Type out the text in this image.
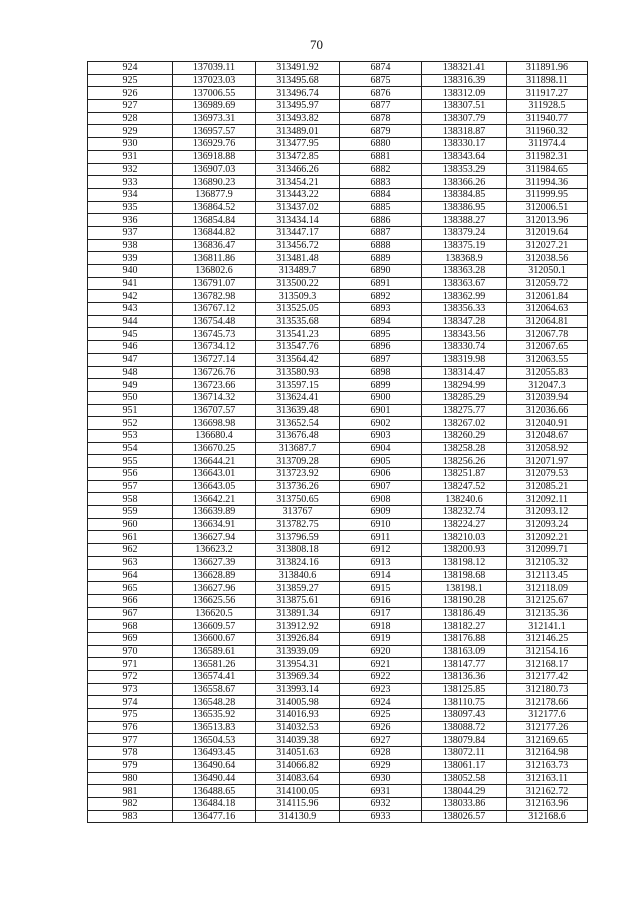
70
924	137039.11	313491.92	6874	138321.41	311891.96
925	137023.03	313495.68	6875	138316.39	311898.11
926	137006.55	313496.74	6876	138312.09	311917.27
927	136989.69	313495.97	6877	138307.51	311928.5
928	136973.31	313493.82	6878	138307.79	311940.77
929	136957.57	313489.01	6879	138318.87	311960.32
930	136929.76	313477.95	6880	138330.17	311974.4
931	136918.88	313472.85	6881	138343.64	311982.31
932	136907.03	313466.26	6882	138353.29	311984.65
933	136890.23	313454.21	6883	138366.26	311994.36
934	136877.9	313443.22	6884	138384.85	311999.95
935	136864.52	313437.02	6885	138386.95	312006.51
936	136854.84	313434.14	6886	138388.27	312013.96
937	136844.82	313447.17	6887	138379.24	312019.64
938	136836.47	313456.72	6888	138375.19	312027.21
939	136811.86	313481.48	6889	138368.9	312038.56
940	136802.6	313489.7	6890	138363.28	312050.1
941	136791.07	313500.22	6891	138363.67	312059.72
942	136782.98	313509.3	6892	138362.99	312061.84
943	136767.12	313525.05	6893	138356.33	312064.63
944	136754.48	313535.68	6894	138347.28	312064.81
945	136745.73	313541.23	6895	138343.56	312067.78
946	136734.12	313547.76	6896	138330.74	312067.65
947	136727.14	313564.42	6897	138319.98	312063.55
948	136726.76	313580.93	6898	138314.47	312055.83
949	136723.66	313597.15	6899	138294.99	312047.3
950	136714.32	313624.41	6900	138285.29	312039.94
951	136707.57	313639.48	6901	138275.77	312036.66
952	136698.98	313652.54	6902	138267.02	312040.91
953	136680.4	313676.48	6903	138260.29	312048.67
954	136670.25	313687.7	6904	138258.28	312058.92
955	136644.21	313709.28	6905	138256.26	312071.97
956	136643.01	313723.92	6906	138251.87	312079.53
957	136643.05	313736.26	6907	138247.52	312085.21
958	136642.21	313750.65	6908	138240.6	312092.11
959	136639.89	313767	6909	138232.74	312093.12
960	136634.91	313782.75	6910	138224.27	312093.24
961	136627.94	313796.59	6911	138210.03	312092.21
962	136623.2	313808.18	6912	138200.93	312099.71
963	136627.39	313824.16	6913	138198.12	312105.32
964	136628.89	313840.6	6914	138198.68	312113.45
965	136627.96	313859.27	6915	138198.1	312118.09
966	136625.56	313875.61	6916	138190.28	312125.67
967	136620.5	313891.34	6917	138186.49	312135.36
968	136609.57	313912.92	6918	138182.27	312141.1
969	136600.67	313926.84	6919	138176.88	312146.25
970	136589.61	313939.09	6920	138163.09	312154.16
971	136581.26	313954.31	6921	138147.77	312168.17
972	136574.41	313969.34	6922	138136.36	312177.42
973	136558.67	313993.14	6923	138125.85	312180.73
974	136548.28	314005.98	6924	138110.75	312178.66
975	136535.92	314016.93	6925	138097.43	312177.6
976	136513.83	314032.53	6926	138088.72	312177.26
977	136504.53	314039.38	6927	138079.84	312169.65
978	136493.45	314051.63	6928	138072.11	312164.98
979	136490.64	314066.82	6929	138061.17	312163.73
980	136490.44	314083.64	6930	138052.58	312163.11
981	136488.65	314100.05	6931	138044.29	312162.72
982	136484.18	314115.96	6932	138033.86	312163.96
983	136477.16	314130.9	6933	138026.57	312168.6
